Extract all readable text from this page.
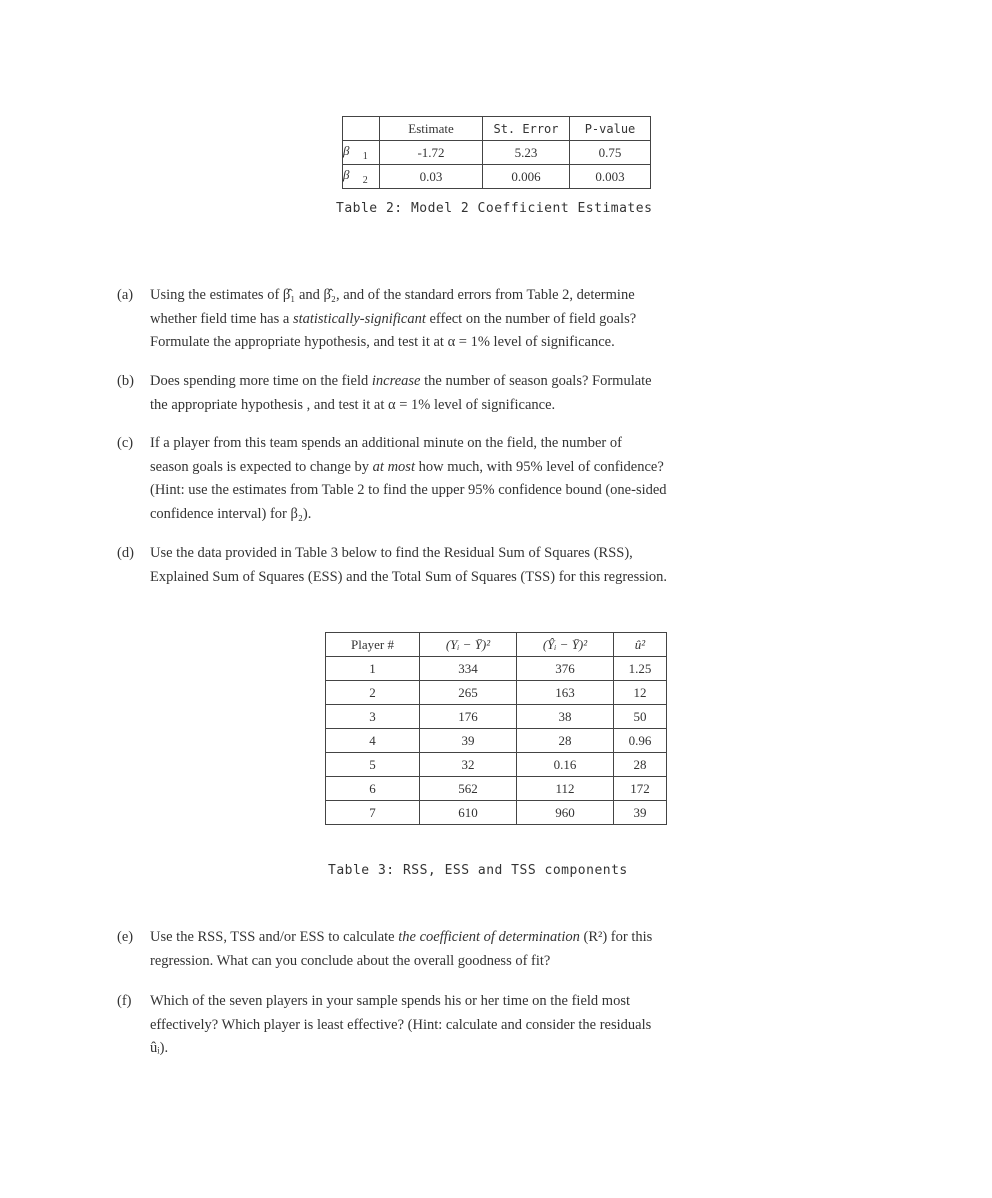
	Estimate	St. Error	P-value
β $_1$	-1.72	5.23	0.75
β $_2$	0.03	0.006	0.003
Table 2: Model 2 Coefficient Estimates
(a) Using the estimates of β̂₁ and β̂₂, and of the standard errors from Table 2, determine
whether field time has a statistically-significant effect on the number of field goals?
Formulate the appropriate hypothesis, and test it at α = 1% level of significance.
(b) Does spending more time on the field increase the number of season goals? Formulate
the appropriate hypothesis , and test it at α = 1% level of significance.
(c) If a player from this team spends an additional minute on the field, the number of
season goals is expected to change by at most how much, with 95% level of confidence?
(Hint: use the estimates from Table 2 to find the upper 95% confidence bound (one-sided
confidence interval) for β₂).
(d) Use the data provided in Table 3 below to find the Residual Sum of Squares (RSS),
Explained Sum of Squares (ESS) and the Total Sum of Squares (TSS) for this regression.
Player #	(Yᵢ − Ȳ)²	(Ŷᵢ − Ȳ)²	û²
1	334	376	1.25
2	265	163	12
3	176	38	50
4	39	28	0.96
5	32	0.16	28
6	562	112	172
7	610	960	39
Table 3: RSS, ESS and TSS components
(e) Use the RSS, TSS and/or ESS to calculate the coefficient of determination (R²) for this
regression. What can you conclude about the overall goodness of fit?
(f) Which of the seven players in your sample spends his or her time on the field most
effectively? Which player is least effective? (Hint: calculate and consider the residuals
ûᵢ).
